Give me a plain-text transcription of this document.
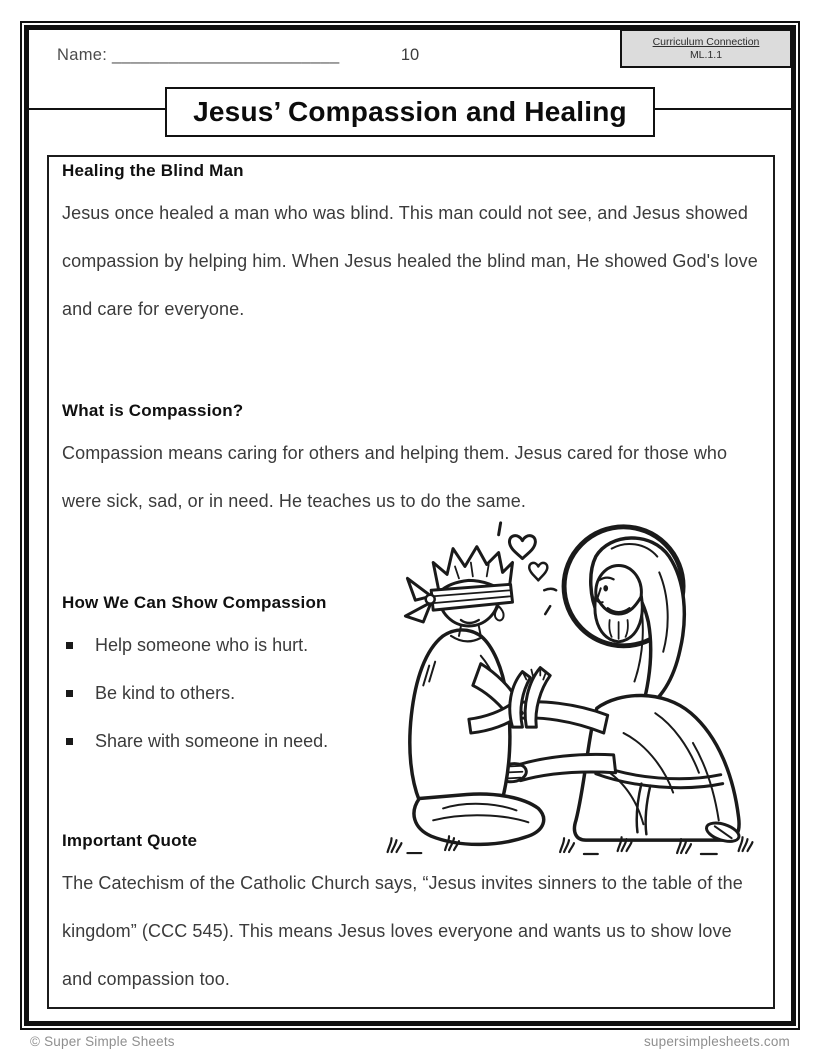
Name: ________________________	10
Curriculum Connection
ML.1.1
Jesus’ Compassion and Healing
Healing the Blind Man

Jesus once healed a man who was blind. This man could not see, and Jesus showed compassion by helping him. When Jesus healed the blind man, He showed God's love and care for everyone.

What is Compassion?

Compassion means caring for others and helping them. Jesus cared for those who were sick, sad, or in need. He teaches us to do the same.

How We Can Show Compassion
Help someone who is hurt.
Be kind to others.
Share with someone in need.
Important Quote

The Catechism of the Catholic Church says, “Jesus invites sinners to the table of the kingdom” (CCC 545). This means Jesus loves everyone and wants us to show love and compassion too.

© Super Simple Sheets	supersimplesheets.com
